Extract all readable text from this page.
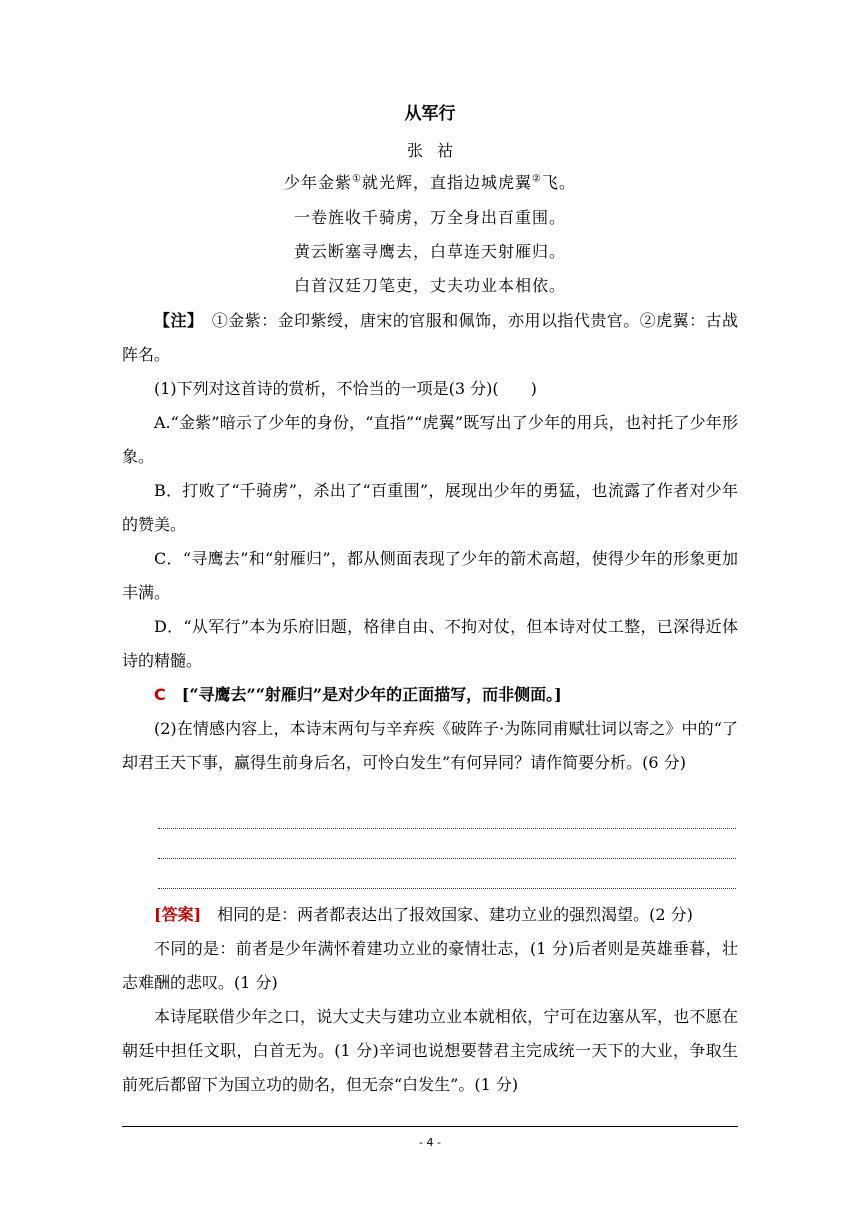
从军行
张祜
少年金紫①就光辉，直指边城虎翼②飞。
一卷旌收千骑虏，万全身出百重围。
黄云断塞寻鹰去，白草连天射雁归。
白首汉廷刀笔吏，丈夫功业本相依。
【注】　①金紫：金印紫绶，唐宋的官服和佩饰，亦用以指代贵官。②虎翼：古战阵名。
(1)下列对这首诗的赏析，不恰当的一项是(3 分)(　　)
A.“金紫”暗示了少年的身份，“直指”“虎翼”既写出了少年的用兵，也衬托了少年形象。
B．打败了“千骑虏”，杀出了“百重围”，展现出少年的勇猛，也流露了作者对少年的赞美。
C．“寻鹰去”和“射雁归”，都从侧面表现了少年的箭术高超，使得少年的形象更加丰满。
D．“从军行”本为乐府旧题，格律自由、不拘对仗，但本诗对仗工整，已深得近体诗的精髓。
C　[“寻鹰去”“射雁归”是对少年的正面描写，而非侧面。]
(2)在情感内容上，本诗末两句与辛弃疾《破阵子·为陈同甫赋壮词以寄之》中的“了却君王天下事，赢得生前身后名，可怜白发生”有何异同？请作简要分析。(6 分)
[答案]　相同的是：两者都表达出了报效国家、建功立业的强烈渴望。(2 分)
不同的是：前者是少年满怀着建功立业的豪情壮志，(1 分)后者则是英雄垂暮，壮志难酬的悲叹。(1 分)
本诗尾联借少年之口，说大丈夫与建功立业本就相依，宁可在边塞从军，也不愿在朝廷中担任文职，白首无为。(1 分)辛词也说想要替君主完成统一天下的大业，争取生前死后都留下为国立功的勋名，但无奈“白发生”。(1 分)
- 4 -
